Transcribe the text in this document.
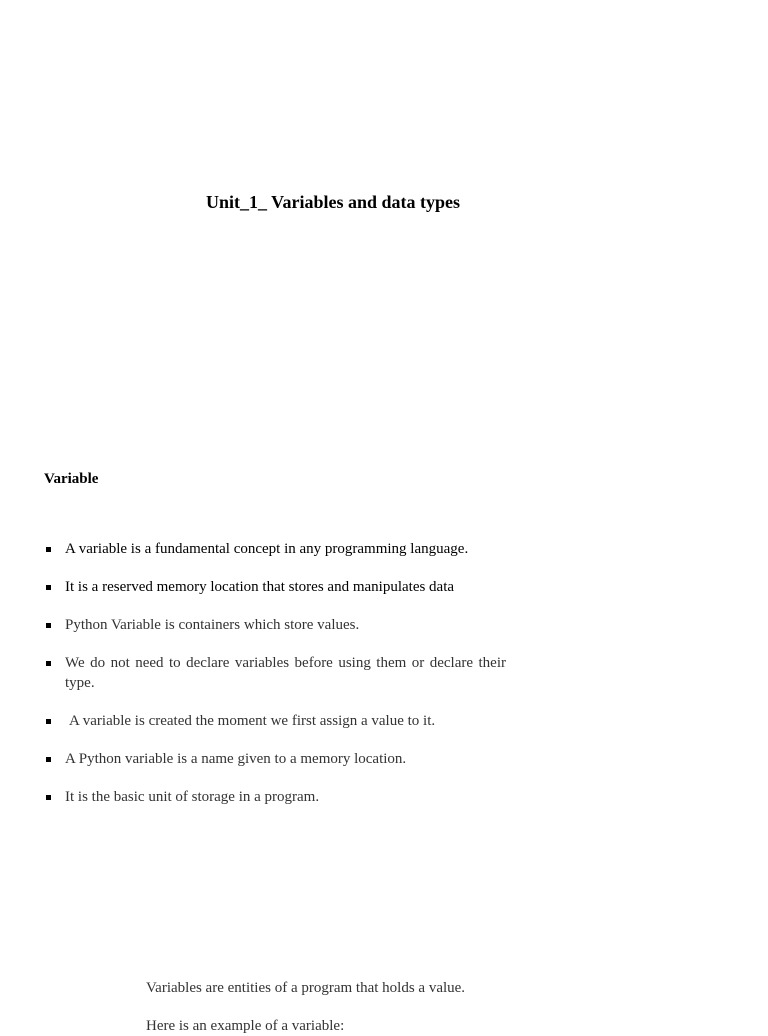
Unit_1_ Variables and data types
Variable
A variable is a fundamental concept in any programming language.
It is a reserved memory location that stores and manipulates data
Python Variable is containers which store values.
We do not need to declare variables before using them or declare their type.
A variable is created the moment we first assign a value to it.
A Python variable is a name given to a memory location.
It is the basic unit of storage in a program.

Variables are entities of a program that holds a value.

Here is an example of a variable:
